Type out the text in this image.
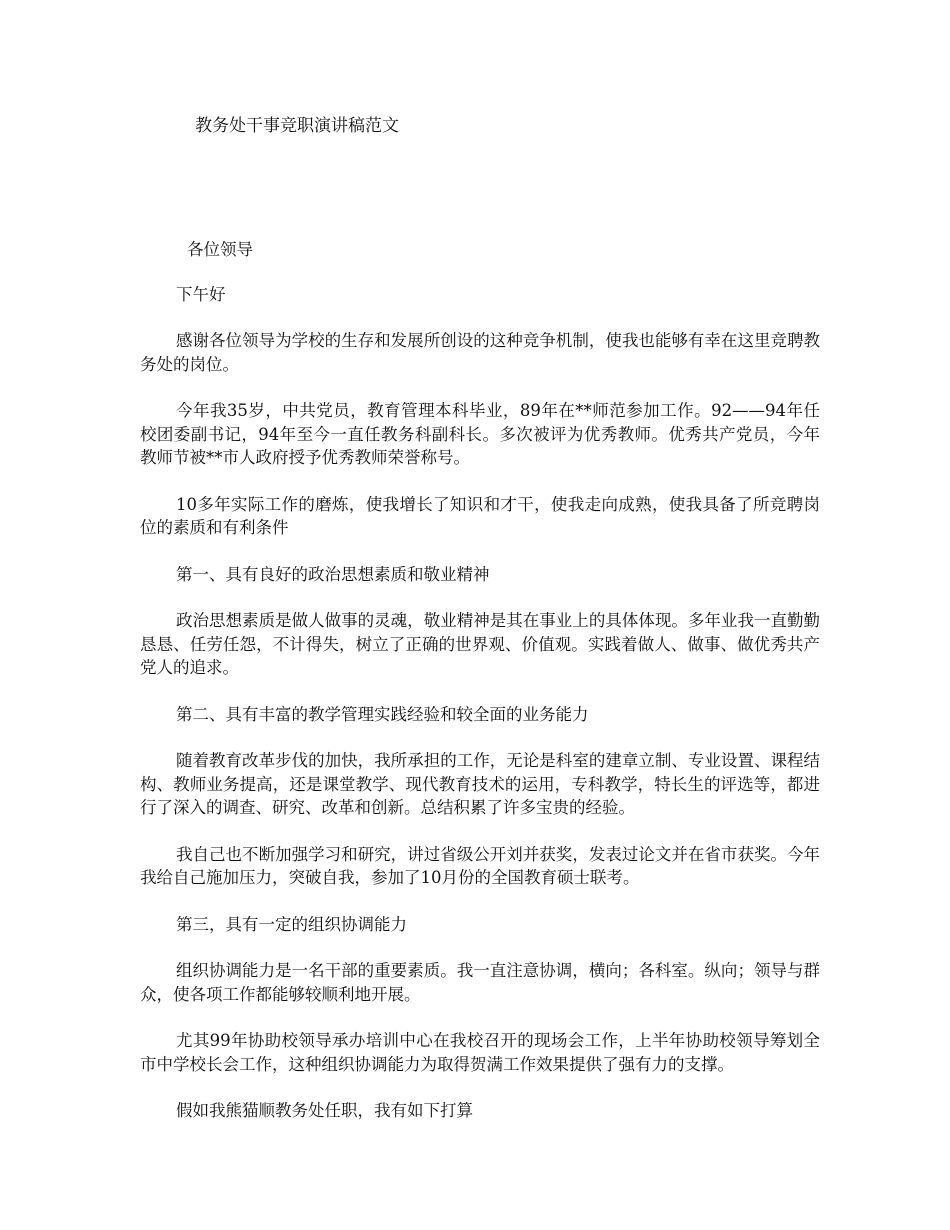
教务处干事竞职演讲稿范文

各位领导

下午好

感谢各位领导为学校的生存和发展所创设的这种竞争机制，使我也能够有幸在这里竞聘教务处的岗位。

今年我35岁，中共党员，教育管理本科毕业，89年在**师范参加工作。92——94年任校团委副书记，94年至今一直任教务科副科长。多次被评为优秀教师。优秀共产党员，今年教师节被**市人政府授予优秀教师荣誉称号。

10多年实际工作的磨炼，使我增长了知识和才干，使我走向成熟，使我具备了所竞聘岗位的素质和有利条件

第一、具有良好的政治思想素质和敬业精神

政治思想素质是做人做事的灵魂，敬业精神是其在事业上的具体体现。多年业我一直勤勤恳恳、任劳任怨，不计得失，树立了正确的世界观、价值观。实践着做人、做事、做优秀共产党人的追求。

第二、具有丰富的教学管理实践经验和较全面的业务能力

随着教育改革步伐的加快，我所承担的工作，无论是科室的建章立制、专业设置、课程结构、教师业务提高，还是课堂教学、现代教育技术的运用，专科教学，特长生的评选等，都进行了深入的调查、研究、改革和创新。总结积累了许多宝贵的经验。

我自己也不断加强学习和研究，讲过省级公开刘并获奖，发表过论文并在省市获奖。今年我给自己施加压力，突破自我，参加了10月份的全国教育硕士联考。

第三，具有一定的组织协调能力

组织协调能力是一名干部的重要素质。我一直注意协调，横向；各科室。纵向；领导与群众，使各项工作都能够较顺利地开展。

尤其99年协助校领导承办培训中心在我校召开的现场会工作，上半年协助校领导筹划全市中学校长会工作，这种组织协调能力为取得贺满工作效果提供了强有力的支撑。

假如我熊猫顺教务处任职，我有如下打算
